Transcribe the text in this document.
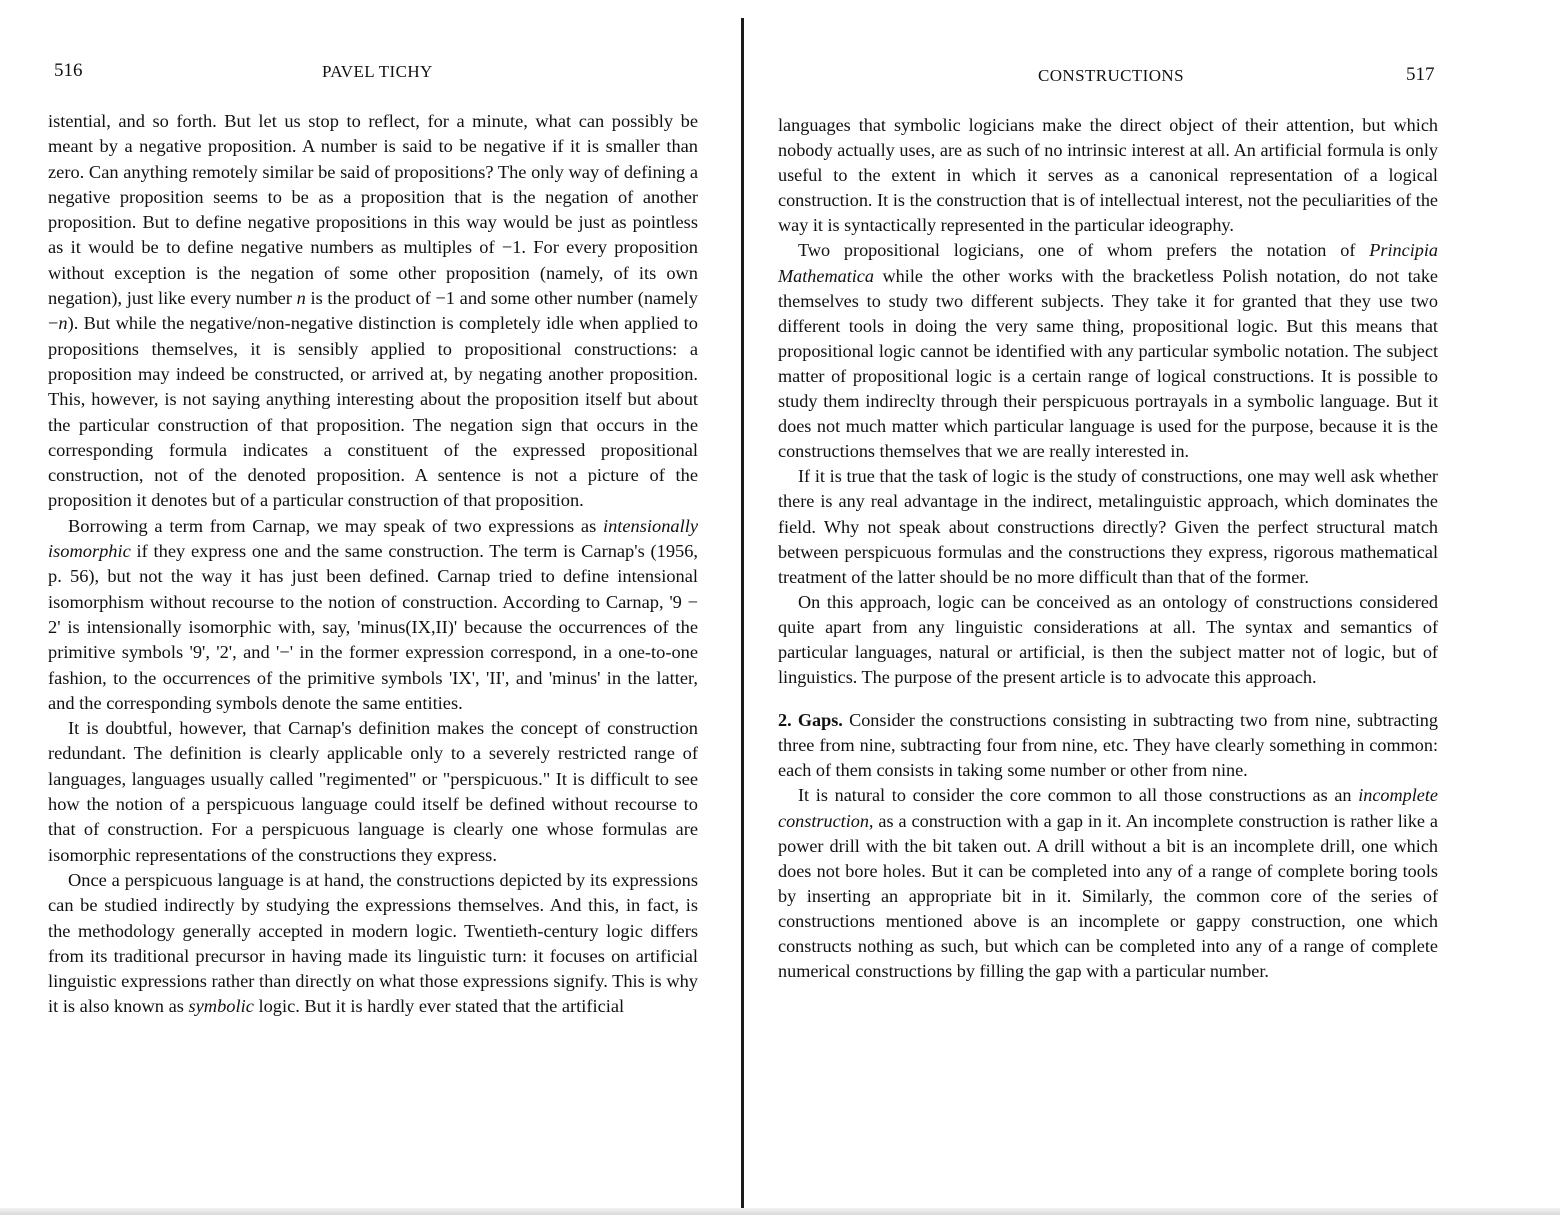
516	PAVEL TICHY

istential, and so forth. But let us stop to reflect, for a minute, what can possibly be meant by a negative proposition. A number is said to be negative if it is smaller than zero. Can anything remotely similar be said of propositions? The only way of defining a negative proposition seems to be as a proposition that is the negation of another proposition. But to define negative propositions in this way would be just as pointless as it would be to define negative numbers as multiples of −1. For every proposition without exception is the negation of some other proposition (namely, of its own negation), just like every number n is the product of −1 and some other number (namely −n). But while the negative/non-negative distinction is completely idle when applied to propositions themselves, it is sensibly applied to propositional constructions: a proposition may indeed be constructed, or arrived at, by negating another proposition. This, however, is not saying anything interesting about the proposition itself but about the particular construction of that proposition. The negation sign that occurs in the corresponding formula indicates a constituent of the expressed propositional construction, not of the denoted proposition. A sentence is not a picture of the proposition it denotes but of a particular construction of that proposition.

Borrowing a term from Carnap, we may speak of two expressions as intensionally isomorphic if they express one and the same construction. The term is Carnap's (1956, p. 56), but not the way it has just been defined. Carnap tried to define intensional isomorphism without recourse to the notion of construction. According to Carnap, '9 − 2' is intensionally isomorphic with, say, 'minus(IX,II)' because the occurrences of the primitive symbols '9', '2', and '−' in the former expression correspond, in a one-to-one fashion, to the occurrences of the primitive symbols 'IX', 'II', and 'minus' in the latter, and the corresponding symbols denote the same entities.

It is doubtful, however, that Carnap's definition makes the concept of construction redundant. The definition is clearly applicable only to a severely restricted range of languages, languages usually called "regimented" or "perspicuous." It is difficult to see how the notion of a perspicuous language could itself be defined without recourse to that of construction. For a perspicuous language is clearly one whose formulas are isomorphic representations of the constructions they express.

Once a perspicuous language is at hand, the constructions depicted by its expressions can be studied indirectly by studying the expressions themselves. And this, in fact, is the methodology generally accepted in modern logic. Twentieth-century logic differs from its traditional precursor in having made its linguistic turn: it focuses on artificial linguistic expressions rather than directly on what those expressions signify. This is why it is also known as symbolic logic. But it is hardly ever stated that the artificial

CONSTRUCTIONS	517

languages that symbolic logicians make the direct object of their attention, but which nobody actually uses, are as such of no intrinsic interest at all. An artificial formula is only useful to the extent in which it serves as a canonical representation of a logical construction. It is the construction that is of intellectual interest, not the peculiarities of the way it is syntactically represented in the particular ideography.

Two propositional logicians, one of whom prefers the notation of Principia Mathematica while the other works with the bracketless Polish notation, do not take themselves to study two different subjects. They take it for granted that they use two different tools in doing the very same thing, propositional logic. But this means that propositional logic cannot be identified with any particular symbolic notation. The subject matter of propositional logic is a certain range of logical constructions. It is possible to study them indireclty through their perspicuous portrayals in a symbolic language. But it does not much matter which particular language is used for the purpose, because it is the constructions themselves that we are really interested in.

If it is true that the task of logic is the study of constructions, one may well ask whether there is any real advantage in the indirect, metalinguistic approach, which dominates the field. Why not speak about constructions directly? Given the perfect structural match between perspicuous formulas and the constructions they express, rigorous mathematical treatment of the latter should be no more difficult than that of the former.

On this approach, logic can be conceived as an ontology of constructions considered quite apart from any linguistic considerations at all. The syntax and semantics of particular languages, natural or artificial, is then the subject matter not of logic, but of linguistics. The purpose of the present article is to advocate this approach.

2. Gaps. Consider the constructions consisting in subtracting two from nine, subtracting three from nine, subtracting four from nine, etc. They have clearly something in common: each of them consists in taking some number or other from nine.

It is natural to consider the core common to all those constructions as an incomplete construction, as a construction with a gap in it. An incomplete construction is rather like a power drill with the bit taken out. A drill without a bit is an incomplete drill, one which does not bore holes. But it can be completed into any of a range of complete boring tools by inserting an appropriate bit in it. Similarly, the common core of the series of constructions mentioned above is an incomplete or gappy construction, one which constructs nothing as such, but which can be completed into any of a range of complete numerical constructions by filling the gap with a particular number.
